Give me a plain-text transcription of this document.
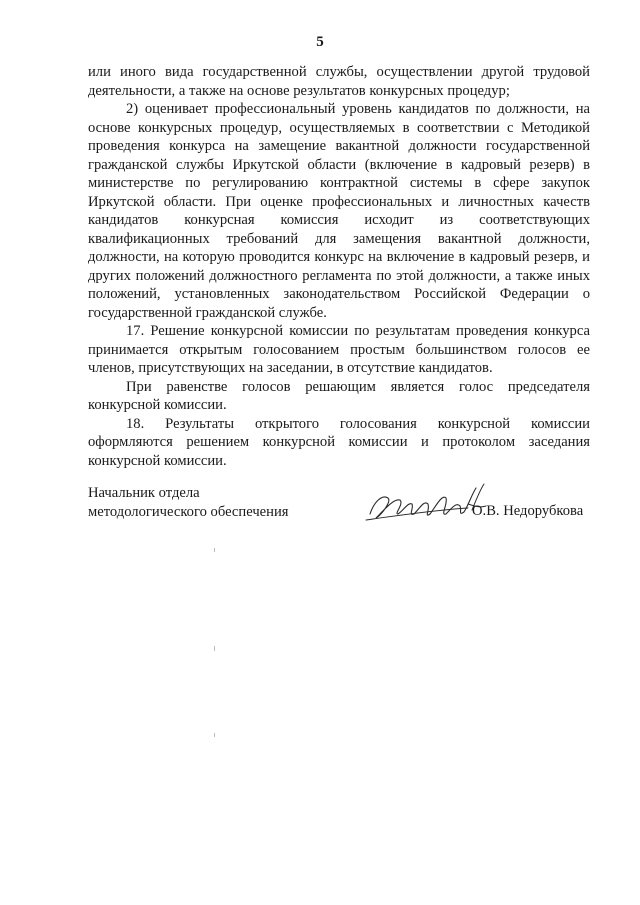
5

или иного вида государственной службы, осуществлении другой трудовой деятельности, а также на основе результатов конкурсных процедур;

2) оценивает профессиональный уровень кандидатов по должности, на основе конкурсных процедур, осуществляемых в соответствии с Методикой проведения конкурса на замещение вакантной должности государственной гражданской службы Иркутской области (включение в кадровый резерв) в министерстве по регулированию контрактной системы в сфере закупок Иркутской области. При оценке профессиональных и личностных качеств кандидатов конкурсная комиссия исходит из соответствующих квалификационных требований для замещения вакантной должности, должности, на которую проводится конкурс на включение в кадровый резерв, и других положений должностного регламента по этой должности, а также иных положений, установленных законодательством Российской Федерации о государственной гражданской службе.

17. Решение конкурсной комиссии по результатам проведения конкурса принимается открытым голосованием простым большинством голосов ее членов, присутствующих на заседании, в отсутствие кандидатов.

При равенстве голосов решающим является голос председателя конкурсной комиссии.

18. Результаты открытого голосования конкурсной комиссии
оформляются решением конкурсной комиссии и протоколом заседания конкурсной комиссии.

Начальник отдела
методологического обеспечения	О.В. Недорубкова
